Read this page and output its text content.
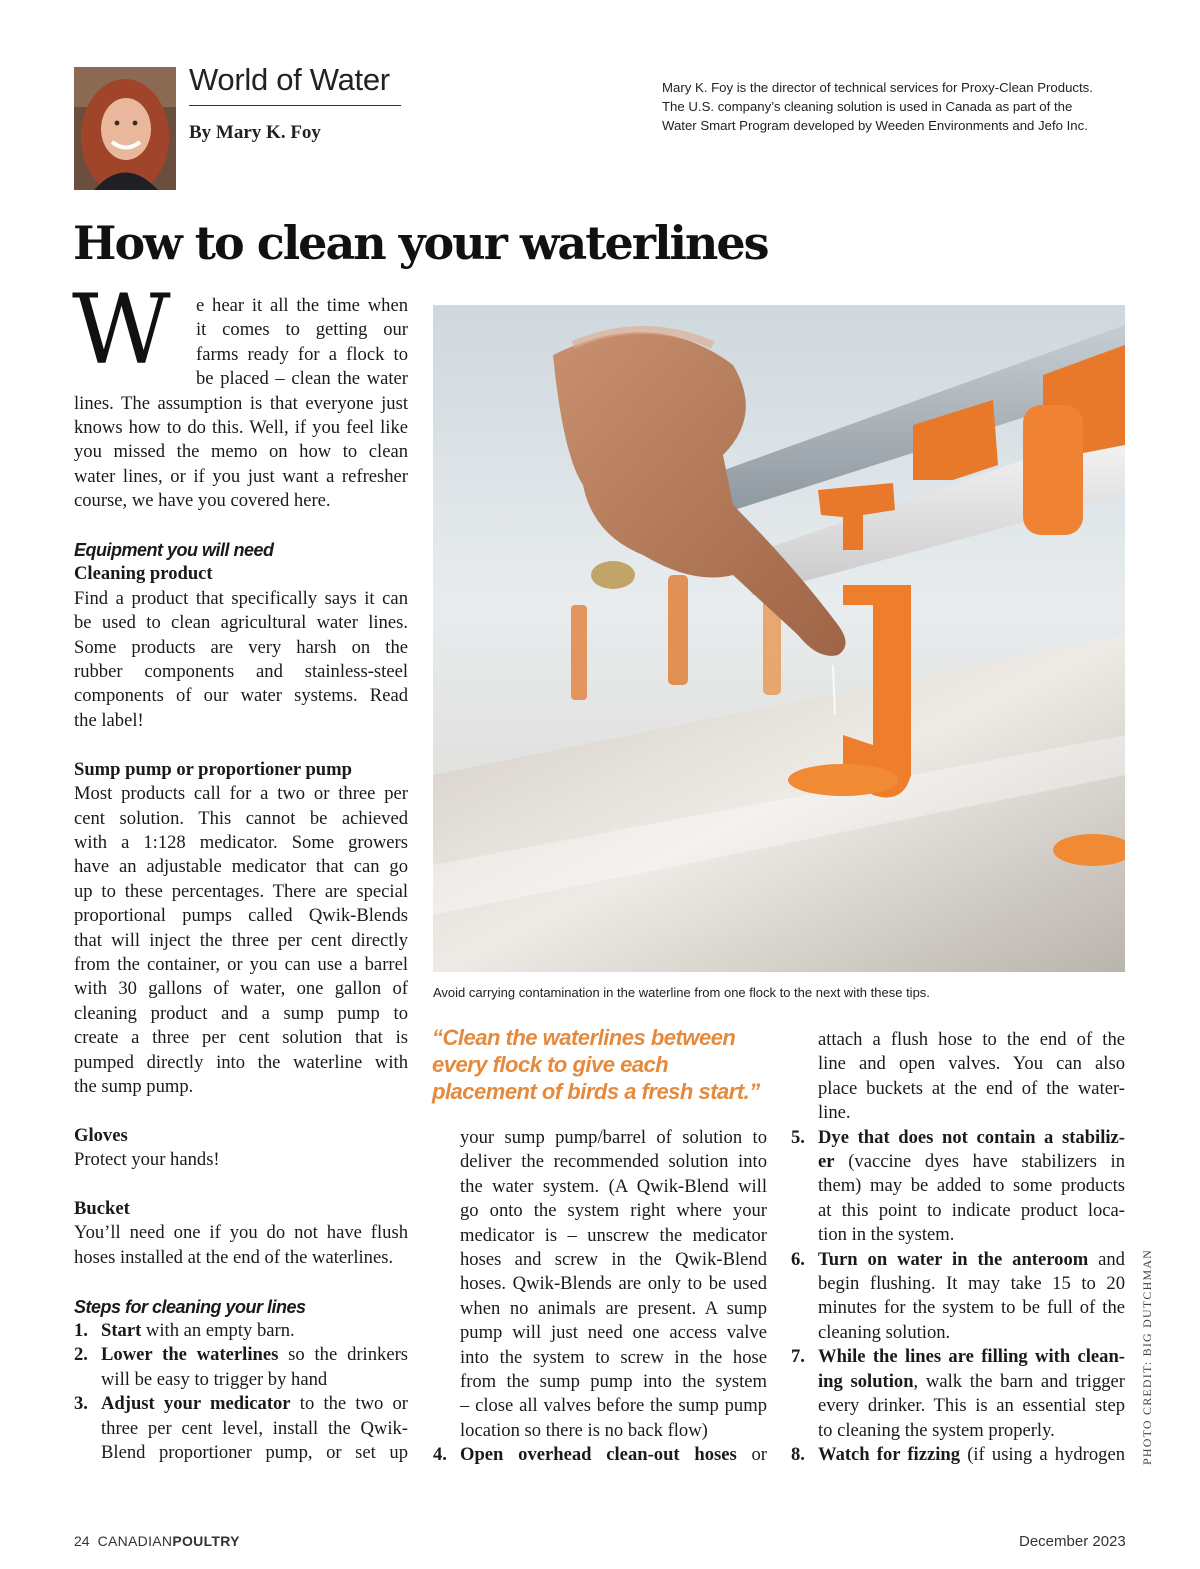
World of Water
By Mary K. Foy
Mary K. Foy is the director of technical services for Proxy-Clean Products.
The U.S. company’s cleaning solution is used in Canada as part of the
Water Smart Program developed by Weeden Environments and Jefo Inc.
How to clean your waterlines
W	e hear it all the time when
it comes to getting our
farms ready for a flock to
be placed – clean the water
lines. The assumption is that everyone just
knows how to do this. Well, if you feel like
you missed the memo on how to clean
water lines, or if you just want a refresher
course, we have you covered here.
Equipment you will need
Cleaning product
Find a product that specifically says it can
be used to clean agricultural water lines.
Some products are very harsh on the
rubber components and stainless-steel
components of our water systems. Read
the label!
Sump pump or proportioner pump
Most products call for a two or three per
cent solution. This cannot be achieved
with a 1:128 medicator. Some growers
have an adjustable medicator that can go
up to these percentages. There are special
proportional pumps called Qwik-Blends
that will inject the three per cent directly
from the container, or you can use a barrel
with 30 gallons of water, one gallon of
cleaning product and a sump pump to
create a three per cent solution that is
pumped directly into the waterline with
the sump pump.
Gloves
Protect your hands!
Bucket
You’ll need one if you do not have flush
hoses installed at the end of the waterlines.
Steps for cleaning your lines
1. Start with an empty barn.
2. Lower the waterlines so the drinkers
will be easy to trigger by hand
3. Adjust your medicator to the two or
three per cent level, install the Qwik-
Blend proportioner pump, or set up
Avoid carrying contamination in the waterline from one flock to the next with these tips.
“Clean the waterlines between
every flock to give each
placement of birds a fresh start.”
your sump pump/barrel of solution to
deliver the recommended solution into
the water system. (A Qwik-Blend will
go onto the system right where your
medicator is – unscrew the medicator
hoses and screw in the Qwik-Blend
hoses. Qwik-Blends are only to be used
when no animals are present. A sump
pump will just need one access valve
into the system to screw in the hose
from the sump pump into the system
– close all valves before the sump pump
location so there is no back flow)
4. Open overhead clean-out hoses or
attach a flush hose to the end of the
line and open valves. You can also
place buckets at the end of the water-
line.
5. Dye that does not contain a stabiliz-
er (vaccine dyes have stabilizers in
them) may be added to some products
at this point to indicate product loca-
tion in the system.
6. Turn on water in the anteroom and
begin flushing. It may take 15 to 20
minutes for the system to be full of the
cleaning solution.
7. While the lines are filling with clean-
ing solution, walk the barn and trigger
every drinker. This is an essential step
to cleaning the system properly.
8. Watch for fizzing (if using a hydrogen PHOTO CREDIT: BIG DUTCHMAN
24 CANADIANPOULTRY	December 2023
